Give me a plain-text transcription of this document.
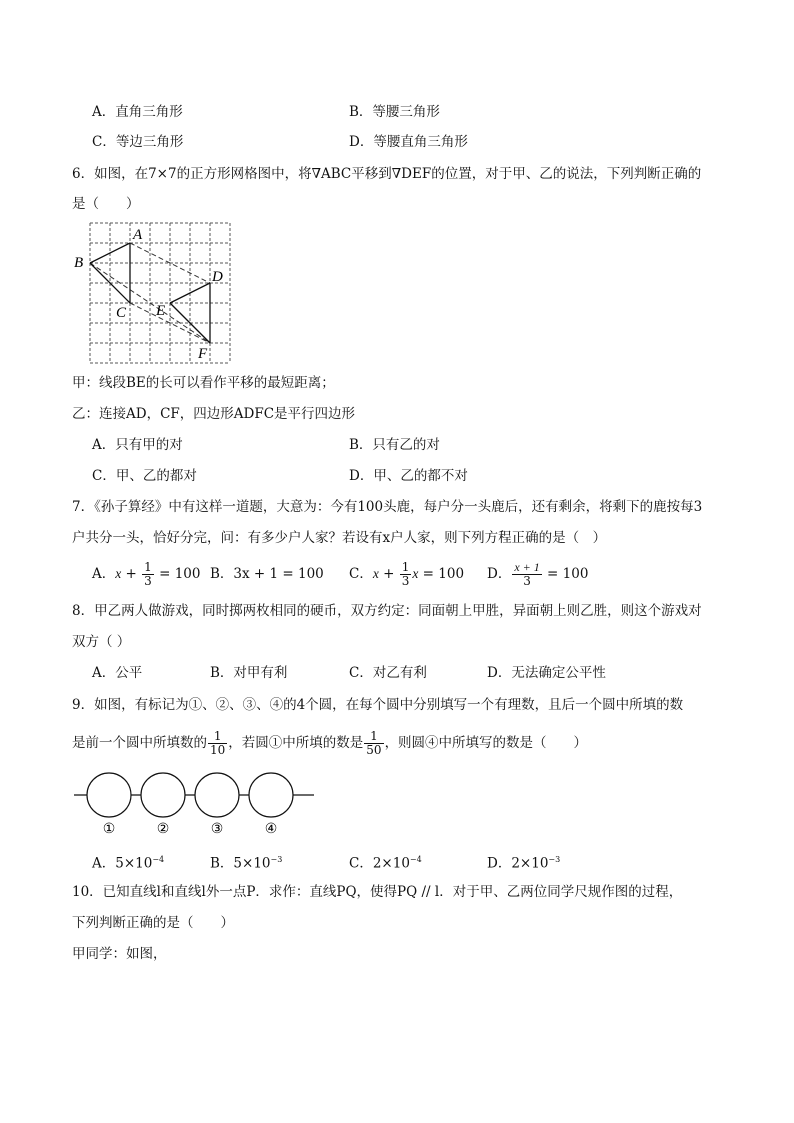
A．直角三角形	B．等腰三角形
C．等边三角形	D．等腰直角三角形
6．如图，在7×7的正方形网格图中，将∇ABC平移到∇DEF的位置，对于甲、乙的说法，下列判断正确的
是（　　）
A
B
C
D
E
F
甲：线段BE的长可以看作平移的最短距离；
乙：连接AD，CF，四边形ADFC是平行四边形
A．只有甲的对	B．只有乙的对
C．甲、乙的都对	D．甲、乙的都不对
7．《孙子算经》中有这样一道题，大意为：今有100头鹿，每户分一头鹿后，还有剩余，将剩下的鹿按每3
户共分一头，恰好分完，问：有多少户人家？若设有x户人家，则下列方程正确的是（　）
A．$x + \frac{1}{3} = 100$ B．3x + 1 = 100 C．$x + \frac{1}{3}$ x = 100 D． $\frac{x + 1}{3} = 100$
8．甲乙两人做游戏，同时掷两枚相同的硬币，双方约定：同面朝上甲胜，异面朝上则乙胜，则这个游戏对
双方（ ）
A．公平	B．对甲有利	C．对乙有利	D．无法确定公平性
9．如图，有标记为①、②、③、④的4个圆，在每个圆中分别填写一个有理数，且后一个圆中所填的数
是前一个圆中所填数的 $\frac{1}{10}$ ，若圆①中所填的数是 $\frac{1}{50}$ ，则圆④中所填写的数是（　　）
①	②	③	④
A．$5\times 10^{-4}$	B．$5\times 10^{-3}$	C．$2\times 10^{-4}$	D．$2\times 10^{-3}$
10．已知直线l和直线l外一点P．求作：直线PQ，使得PQ // l．对于甲、乙两位同学尺规作图的过程，
下列判断正确的是（　　）
甲同学：如图，
